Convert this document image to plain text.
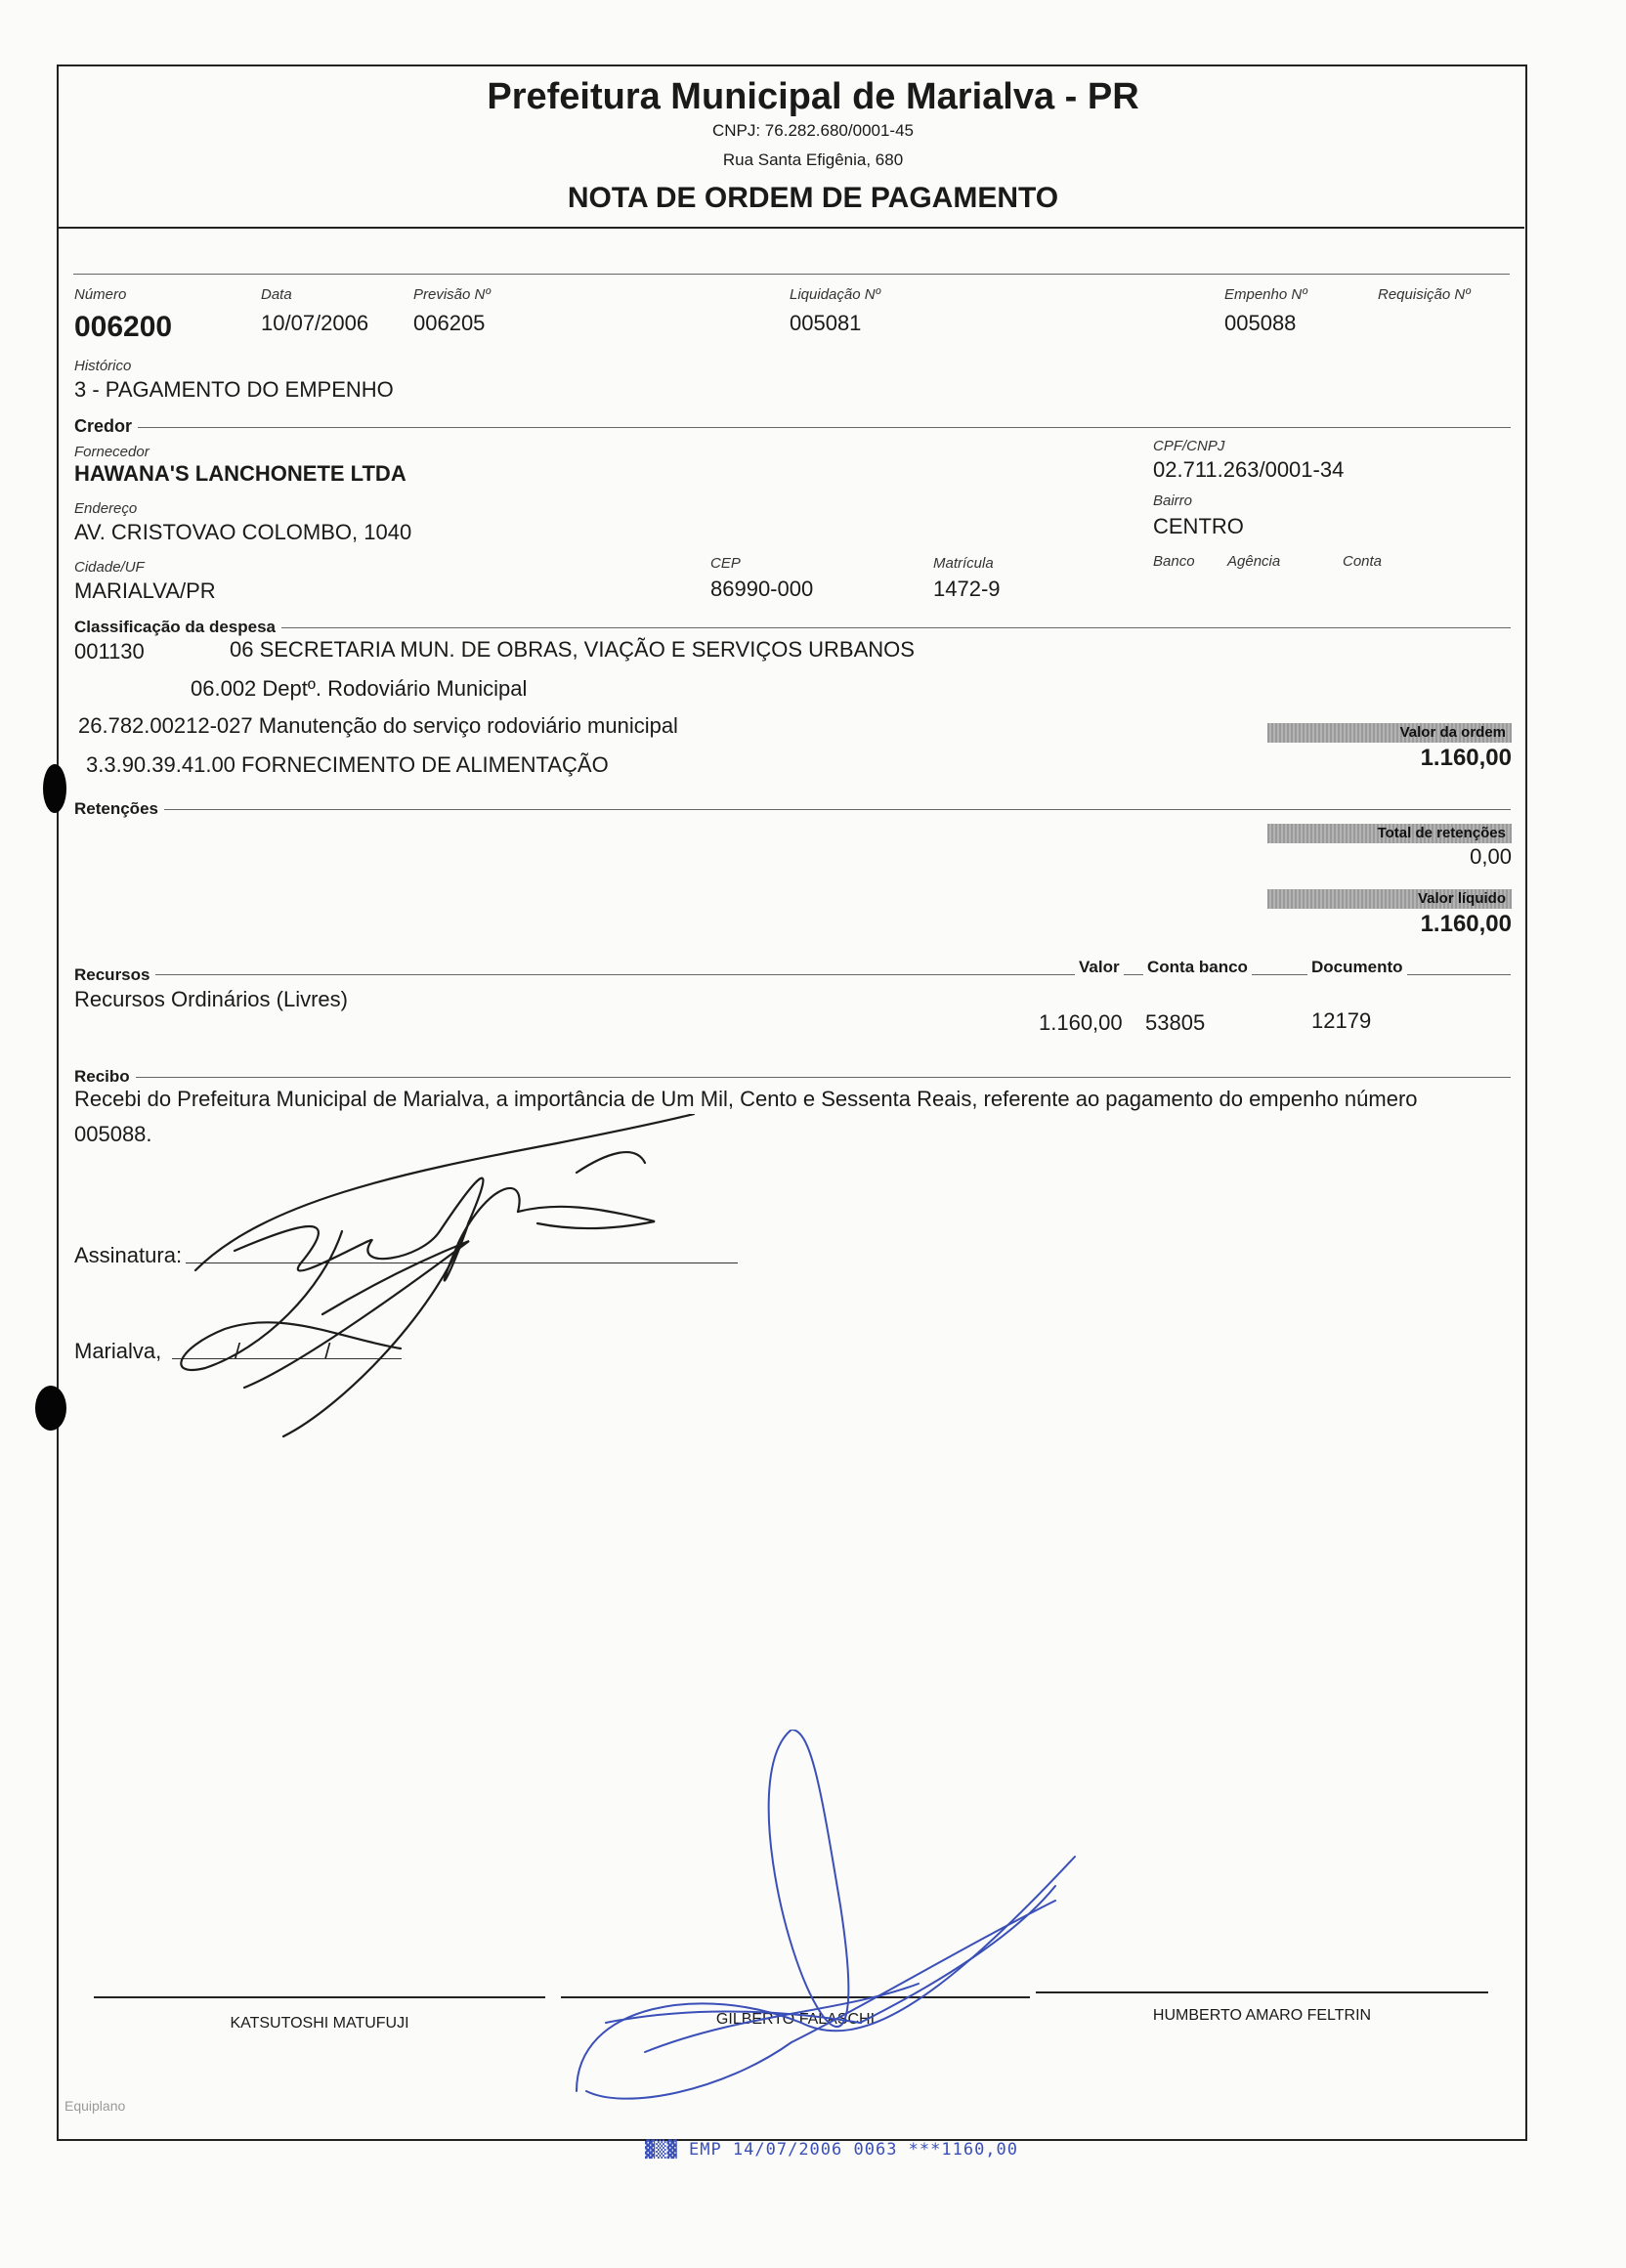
Prefeitura Municipal de Marialva - PR
CNPJ: 76.282.680/0001-45
Rua Santa Efigênia, 680
NOTA DE ORDEM DE PAGAMENTO
Número
006200
Data
10/07/2006
Previsão Nº
006205
Liquidação Nº
005081
Empenho Nº
005088
Requisição Nº
Histórico
3 - PAGAMENTO DO EMPENHO
Credor
Fornecedor
HAWANA'S LANCHONETE LTDA
CPF/CNPJ
02.711.263/0001-34
Endereço
AV. CRISTOVAO COLOMBO, 1040
Bairro
CENTRO
Cidade/UF
MARIALVA/PR
CEP
86990-000
Matrícula
1472-9
Banco Agência	Conta
Classificação da despesa
001130	06 SECRETARIA MUN. DE OBRAS, VIAÇÃO E SERVIÇOS URBANOS
06.002 Deptº. Rodoviário Municipal
26.782.00212-027 Manutenção do serviço rodoviário municipal
3.3.90.39.41.00 FORNECIMENTO DE ALIMENTAÇÃO
Valor da ordem
1.160,00
Retenções
Total de retenções
0,00
Valor líquido
1.160,00
Recursos	Valor Conta banco	Documento
Recursos Ordinários (Livres)
1.160,00 53805	12179
Recibo
Recebi do Prefeitura Municipal de Marialva, a importância de Um Mil, Cento e Sessenta Reais, referente ao pagamento do empenho número
005088.
Assinatura:
Marialva,	/ /
KATSUTOSHI MATUFUJI	GILBERTO FALASCHI	HUMBERTO AMARO FELTRIN
Equiplano
▓▒▓ EMP 14/07/2006 0063 ***1160,00
